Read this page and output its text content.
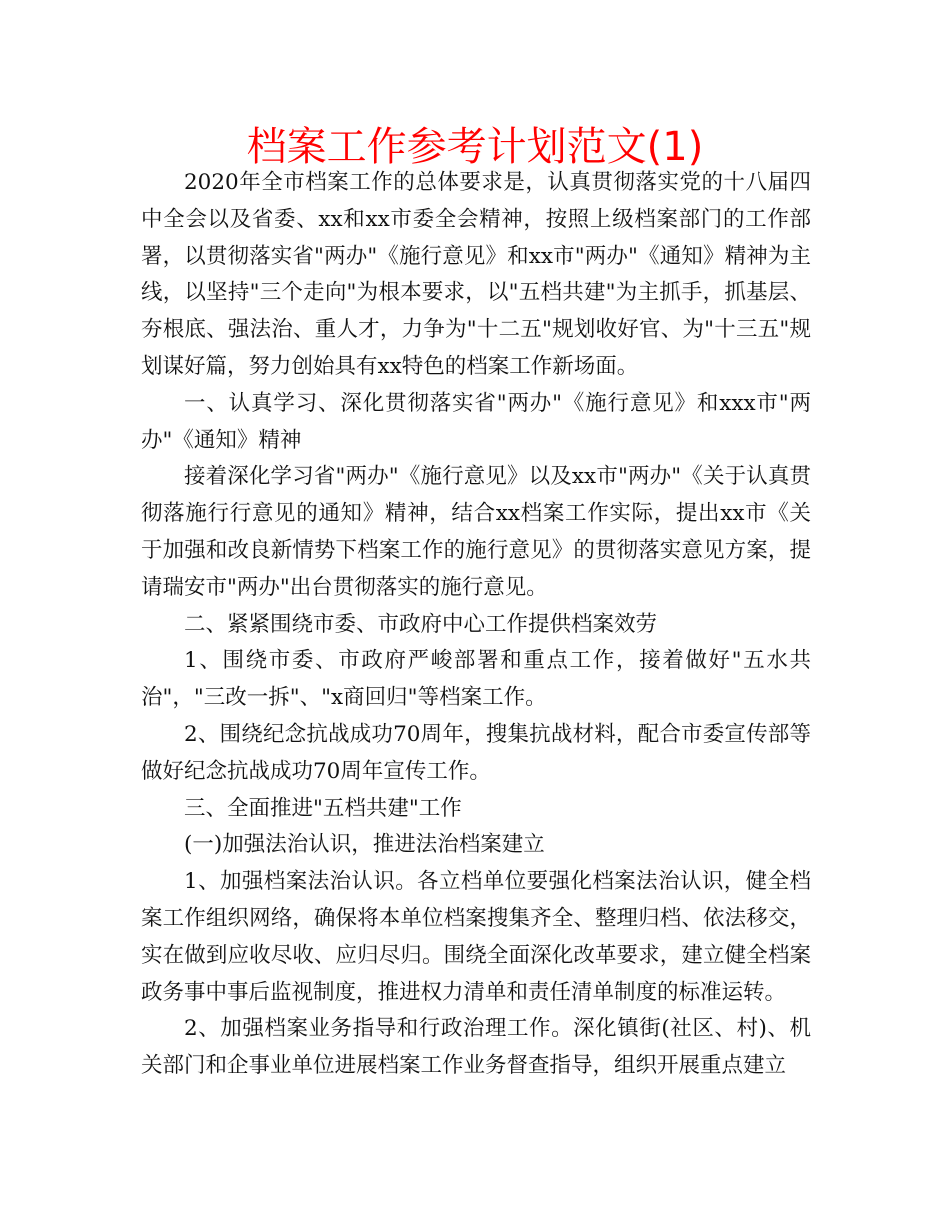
档案工作参考计划范文(1)

2020年全市档案工作的总体要求是，认真贯彻落实党的十八届四中全会以及省委、xx和xx市委全会精神，按照上级档案部门的工作部署，以贯彻落实省"两办"《施行意见》和xx市"两办"《通知》精神为主线，以坚持"三个走向"为根本要求，以"五档共建"为主抓手，抓基层、夯根底、强法治、重人才，力争为"十二五"规划收好官、为"十三五"规划谋好篇，努力创始具有xx特色的档案工作新场面。

一、认真学习、深化贯彻落实省"两办"《施行意见》和xxx市"两办"《通知》精神

接着深化学习省"两办"《施行意见》以及xx市"两办"《关于认真贯彻落施行行意见的通知》精神，结合xx档案工作实际，提出xx市《关于加强和改良新情势下档案工作的施行意见》的贯彻落实意见方案，提请瑞安市"两办"出台贯彻落实的施行意见。

二、紧紧围绕市委、市政府中心工作提供档案效劳

1、围绕市委、市政府严峻部署和重点工作，接着做好"五水共治"，"三改一拆"、"x商回归"等档案工作。

2、围绕纪念抗战成功70周年，搜集抗战材料，配合市委宣传部等做好纪念抗战成功70周年宣传工作。

三、全面推进"五档共建"工作

(一)加强法治认识，推进法治档案建立

1、加强档案法治认识。各立档单位要强化档案法治认识，健全档案工作组织网络，确保将本单位档案搜集齐全、整理归档、依法移交，实在做到应收尽收、应归尽归。围绕全面深化改革要求，建立健全档案政务事中事后监视制度，推进权力清单和责任清单制度的标准运转。

2、加强档案业务指导和行政治理工作。深化镇街(社区、村)、机关部门和企事业单位进展档案工作业务督查指导，组织开展重点建立
